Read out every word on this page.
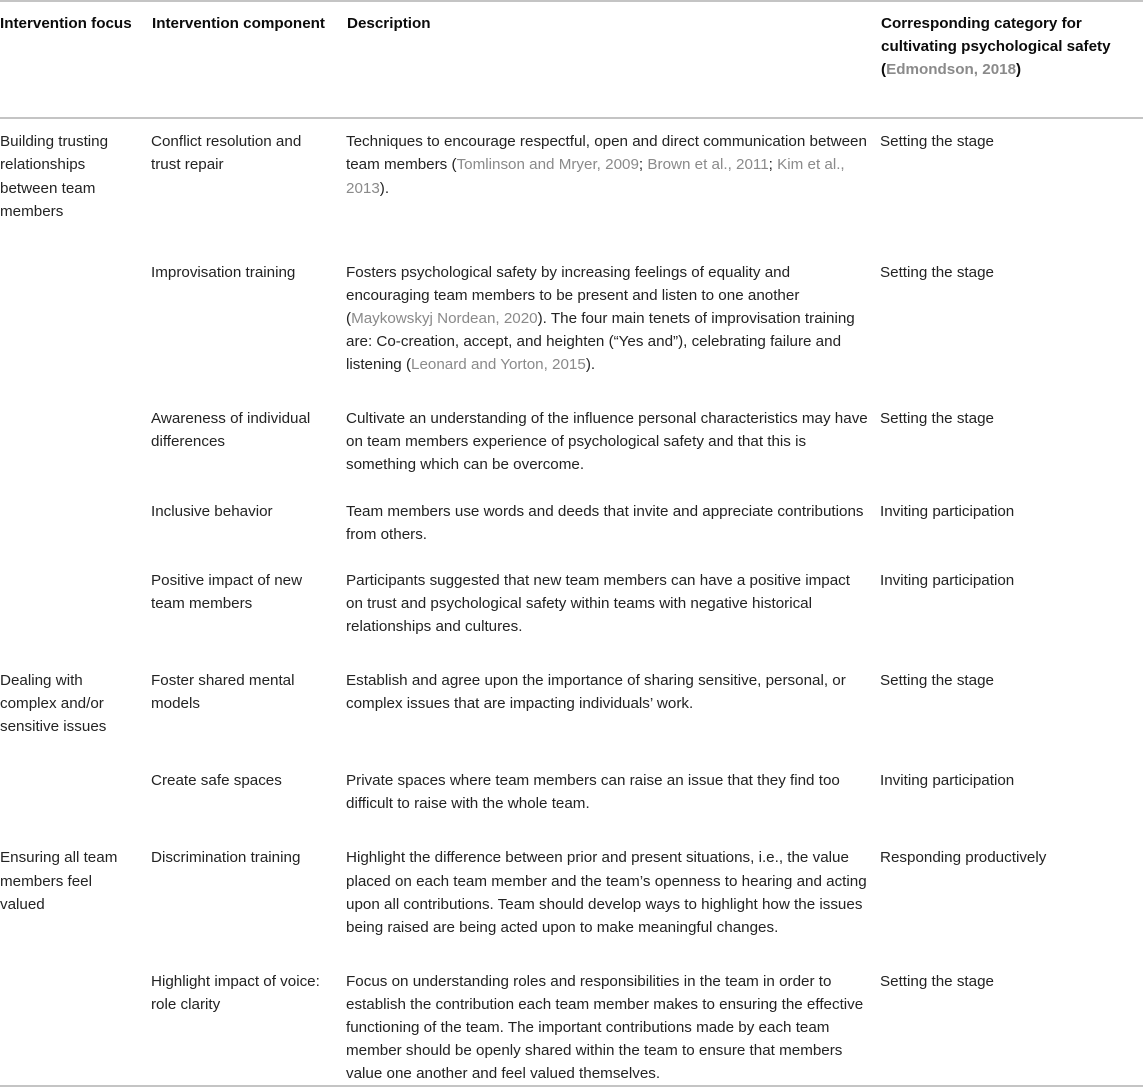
Intervention focus	Intervention component	Description	Corresponding category for cultivating psychological safety (Edmondson, 2018)

Building trusting relationships between team members	Conflict resolution and trust repair	Techniques to encourage respectful, open and direct communication between team members (Tomlinson and Mryer, 2009; Brown et al., 2011; Kim et al., 2013).	Setting the stage

	Improvisation training	Fosters psychological safety by increasing feelings of equality and encouraging team members to be present and listen to one another (Maykowskyj Nordean, 2020). The four main tenets of improvisation training are: Co-creation, accept, and heighten (“Yes and”), celebrating failure and listening (Leonard and Yorton, 2015).	Setting the stage

	Awareness of individual differences	Cultivate an understanding of the influence personal characteristics may have on team members experience of psychological safety and that this is something which can be overcome.	Setting the stage

	Inclusive behavior	Team members use words and deeds that invite and appreciate contributions from others.	Inviting participation

	Positive impact of new team members	Participants suggested that new team members can have a positive impact on trust and psychological safety within teams with negative historical relationships and cultures.	Inviting participation

Dealing with complex and/or sensitive issues	Foster shared mental models	Establish and agree upon the importance of sharing sensitive, personal, or complex issues that are impacting individuals’ work.	Setting the stage

	Create safe spaces	Private spaces where team members can raise an issue that they find too difficult to raise with the whole team.	Inviting participation

Ensuring all team members feel valued	Discrimination training	Highlight the difference between prior and present situations, i.e., the value placed on each team member and the team’s openness to hearing and acting upon all contributions. Team should develop ways to highlight how the issues being raised are being acted upon to make meaningful changes.	Responding productively

	Highlight impact of voice: role clarity	Focus on understanding roles and responsibilities in the team in order to establish the contribution each team member makes to ensuring the effective functioning of the team. The important contributions made by each team member should be openly shared within the team to ensure that members value one another and feel valued themselves.	Setting the stage
